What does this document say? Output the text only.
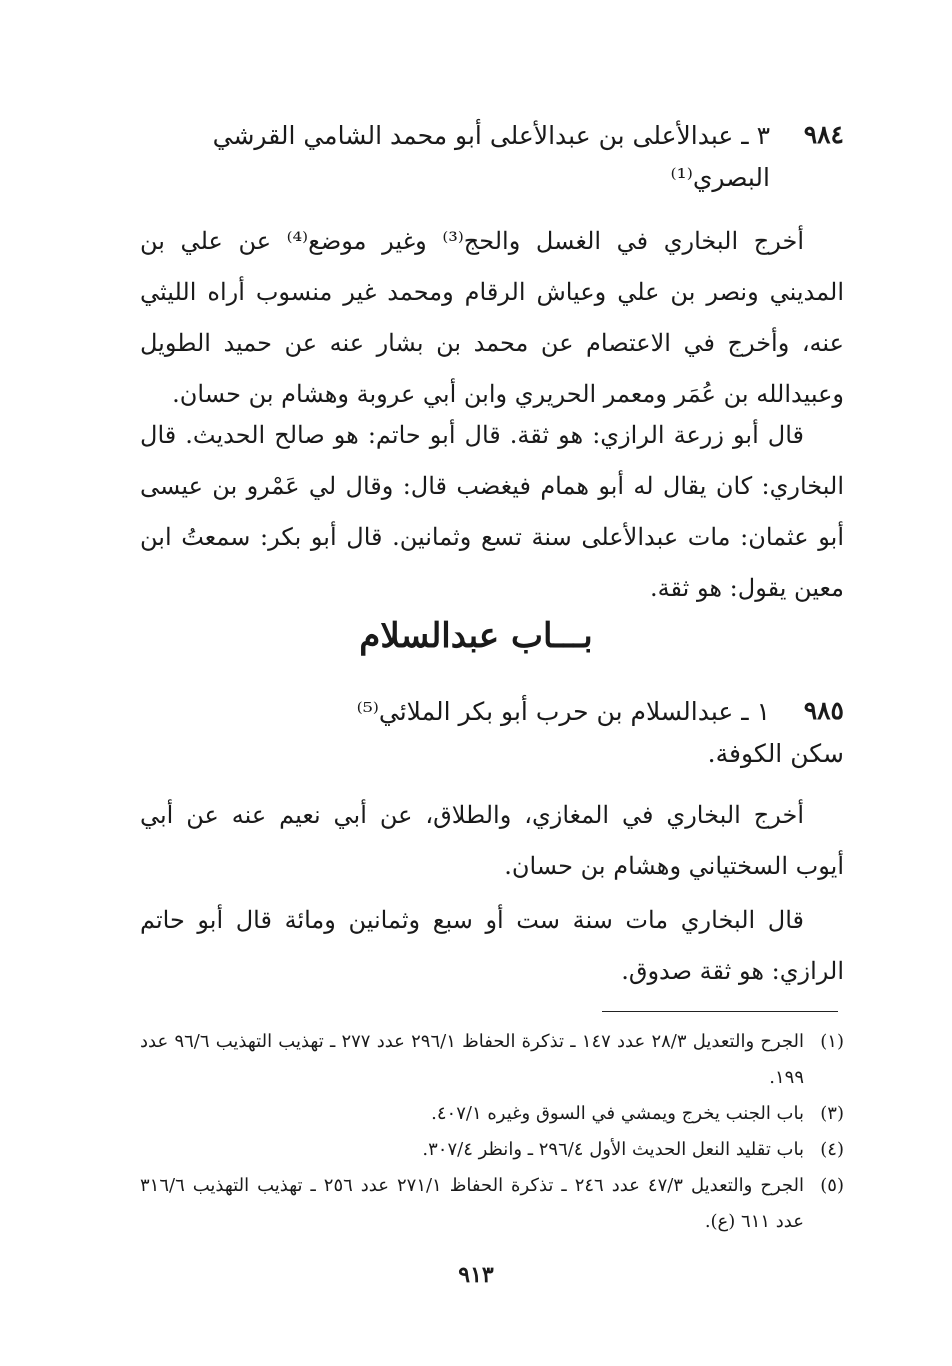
٩٨٤
٣ ـ عبدالأعلى بن عبدالأعلى أبو محمد الشامي القرشي
البصري⁽¹⁾
أخرج البخاري في الغسل والحج⁽³⁾ وغير موضع⁽⁴⁾ عن علي بن المديني ونصر بن علي وعياش الرقام ومحمد غير منسوب أراه الليثي عنه، وأخرج في الاعتصام عن محمد بن بشار عنه عن حميد الطويل وعبيدالله بن عُمَر ومعمر الحريري وابن أبي عروبة وهشام بن حسان.
قال أبو زرعة الرازي: هو ثقة. قال أبو حاتم: هو صالح الحديث. قال البخاري: كان يقال له أبو همام فيغضب قال: وقال لي عَمْرو بن عيسى أبو عثمان: مات عبدالأعلى سنة تسع وثمانين. قال أبو بكر: سمعتُ ابن معين يقول: هو ثقة.
بـــاب عبدالسلام
٩٨٥
١ ـ عبدالسلام بن حرب أبو بكر الملائي⁽⁵⁾
سكن الكوفة.
أخرج البخاري في المغازي، والطلاق، عن أبي نعيم عنه عن أبي أيوب السختياني وهشام بن حسان.
قال البخاري مات سنة ست أو سبع وثمانين ومائة قال أبو حاتم الرازي: هو ثقة صدوق.
(١)
الجرح والتعديل ٢٨/٣ عدد ١٤٧ ـ تذكرة الحفاظ ٢٩٦/١ عدد ٢٧٧ ـ تهذيب التهذيب ٩٦/٦ عدد ١٩٩.
(٣)
باب الجنب يخرج ويمشي في السوق وغيره ٤٠٧/١.
(٤)
باب تقليد النعل الحديث الأول ٢٩٦/٤ ـ وانظر ٣٠٧/٤.
(٥)
الجرح والتعديل ٤٧/٣ عدد ٢٤٦ ـ تذكرة الحفاظ ٢٧١/١ عدد ٢٥٦ ـ تهذيب التهذيب ٣١٦/٦ عدد ٦١١ (ع).
٩١٣
